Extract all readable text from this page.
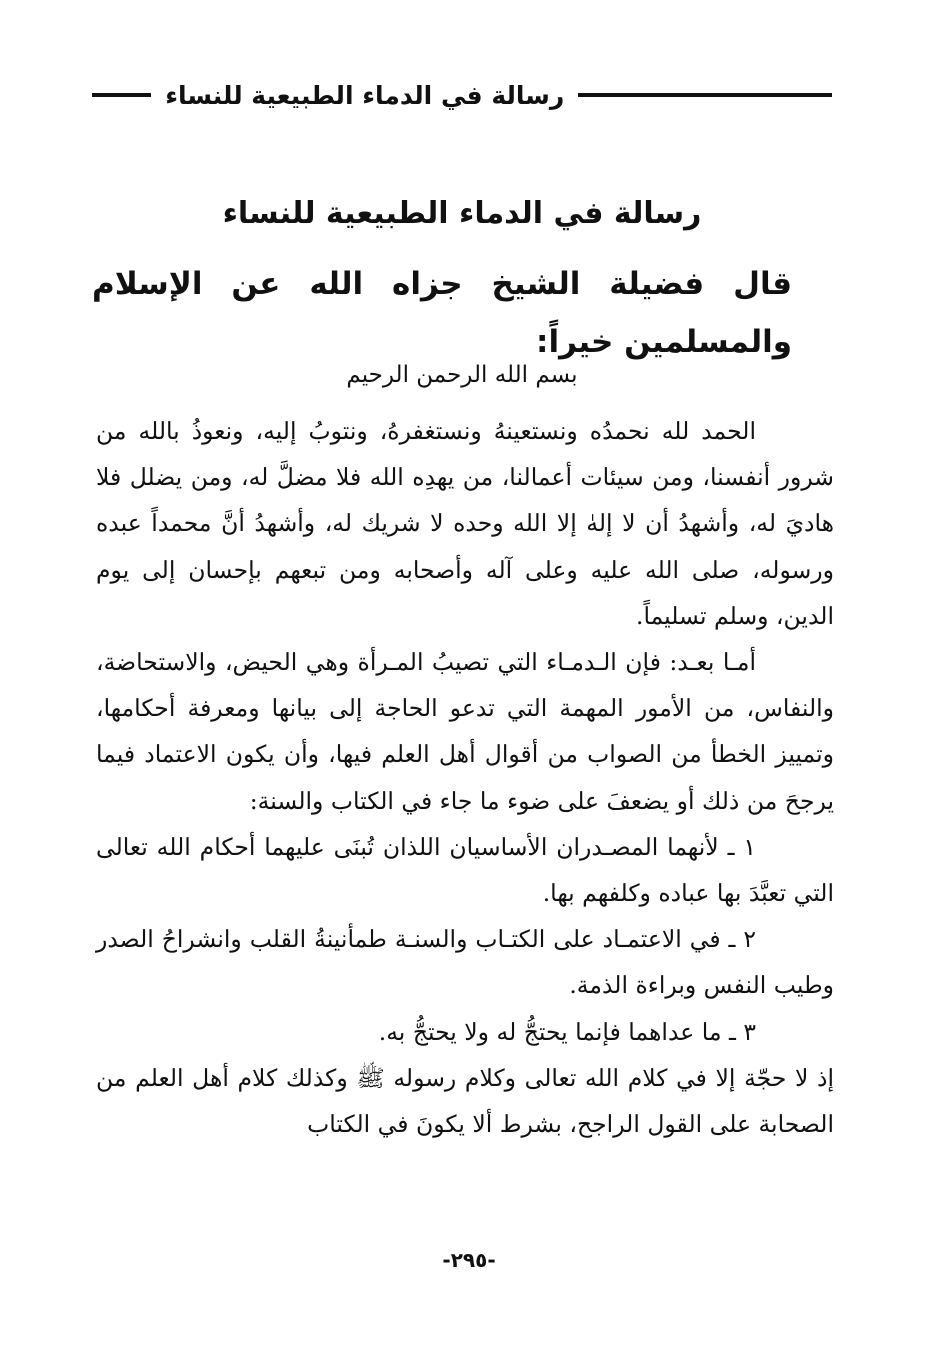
رسالة في الدماء الطبيعية للنساء
رسالة في الدماء الطبيعية للنساء
قال فضيلة الشيخ جزاه الله عن الإسلام والمسلمين خيراً:
بسم الله الرحمن الرحيم

الحمد لله نحمدُه ونستعينهُ ونستغفرهُ، ونتوبُ إليه، ونعوذُ بالله من شرور أنفسنا، ومن سيئات أعمالنا، من يهدِه الله فلا مضلَّ له، ومن يضلل فلا هاديَ له، وأشهدُ أن لا إلهٰ إلا الله وحده لا شريك له، وأشهدُ أنَّ محمداً عبده ورسوله، صلى الله عليه وعلى آله وأصحابه ومن تبعهم بإحسان إلى يوم الدين، وسلم تسليماً.

أمـا بعـد: فإن الـدمـاء التي تصيبُ المـرأة وهي الحيض، والاستحاضة، والنفاس، من الأمور المهمة التي تدعو الحاجة إلى بيانها ومعرفة أحكامها، وتمييز الخطأ من الصواب من أقوال أهل العلم فيها، وأن يكون الاعتماد فيما يرجحَ من ذلك أو يضعفَ على ضوء ما جاء في الكتاب والسنة:

١ ـ لأنهما المصـدران الأساسيان اللذان تُبنَى عليهما أحكام الله تعالى التي تعبَّدَ بها عباده وكلفهم بها.

٢ ـ في الاعتمـاد على الكتـاب والسنـة طمأنينةُ القلب وانشراحُ الصدر وطيب النفس وبراءة الذمة.

٣ ـ ما عداهما فإنما يحتجُّ له ولا يحتجُّ به.

إذ لا حجّة إلا في كلام الله تعالى وكلام رسوله ﷺ وكذلك كلام أهل العلم من الصحابة على القول الراجح، بشرط ألا يكونَ في الكتاب

-٢٩٥-
